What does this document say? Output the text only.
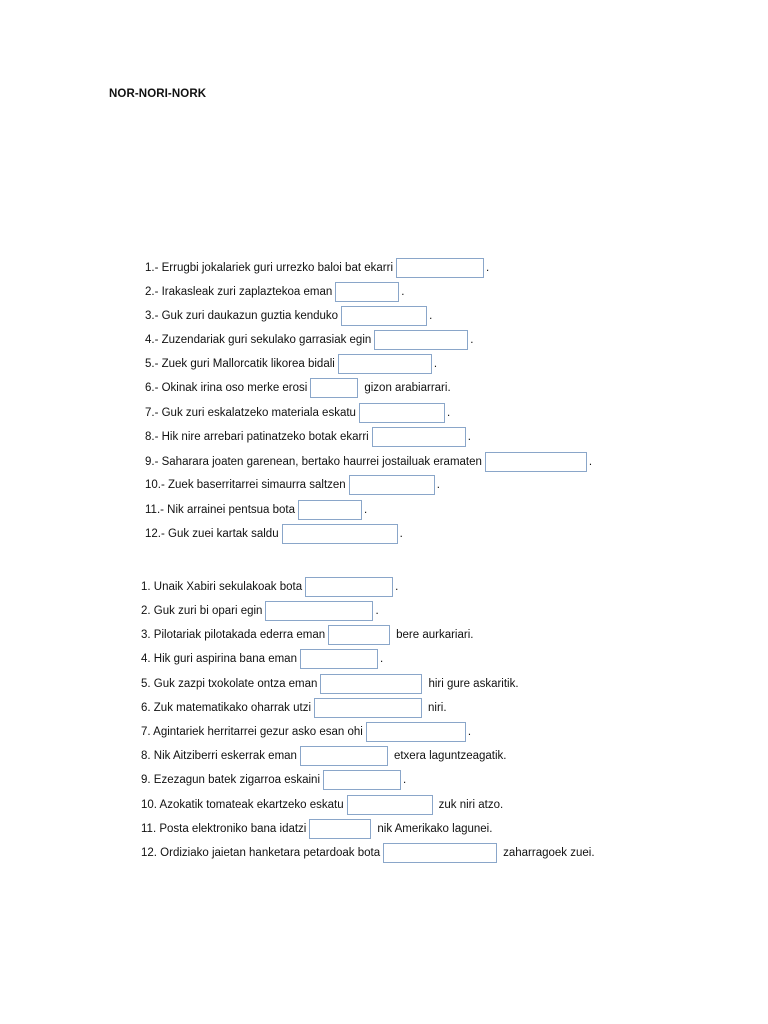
NOR-NORI-NORK
1.- Errugbi jokalariek guri urrezko baloi bat ekarri	.
2.- Irakasleak zuri zaplaztekoa eman	.
3.- Guk zuri daukazun guztia kenduko	.
4.- Zuzendariak guri sekulako garrasiak egin	.
5.- Zuek guri Mallorcatik likorea bidali	.
6.- Okinak irina oso merke erosi	gizon arabiarrari.
7.- Guk zuri eskalatzeko materiala eskatu	.
8.- Hik nire arrebari patinatzeko botak ekarri	.
9.- Saharara joaten garenean, bertako haurrei jostailuak eramaten	.
10.- Zuek baserritarrei simaurra saltzen	.
11.- Nik arrainei pentsua bota	.
12.- Guk zuei kartak saldu	.
1. Unaik Xabiri sekulakoak bota	.
2. Guk zuri bi opari egin	.
3. Pilotariak pilotakada ederra eman	bere aurkariari.
4. Hik guri aspirina bana eman	.
5. Guk zazpi txokolate ontza eman	hiri gure askaritik.
6. Zuk matematikako oharrak utzi	niri.
7. Agintariek herritarrei gezur asko esan ohi	.
8. Nik Aitziberri eskerrak eman	etxera laguntzeagatik.
9. Ezezagun batek zigarroa eskaini	.
10. Azokatik tomateak ekartzeko eskatu	zuk niri atzo.
11. Posta elektroniko bana idatzi	nik Amerikako lagunei.
12. Ordiziako jaietan hanketara petardoak bota	zaharragoek zuei.
